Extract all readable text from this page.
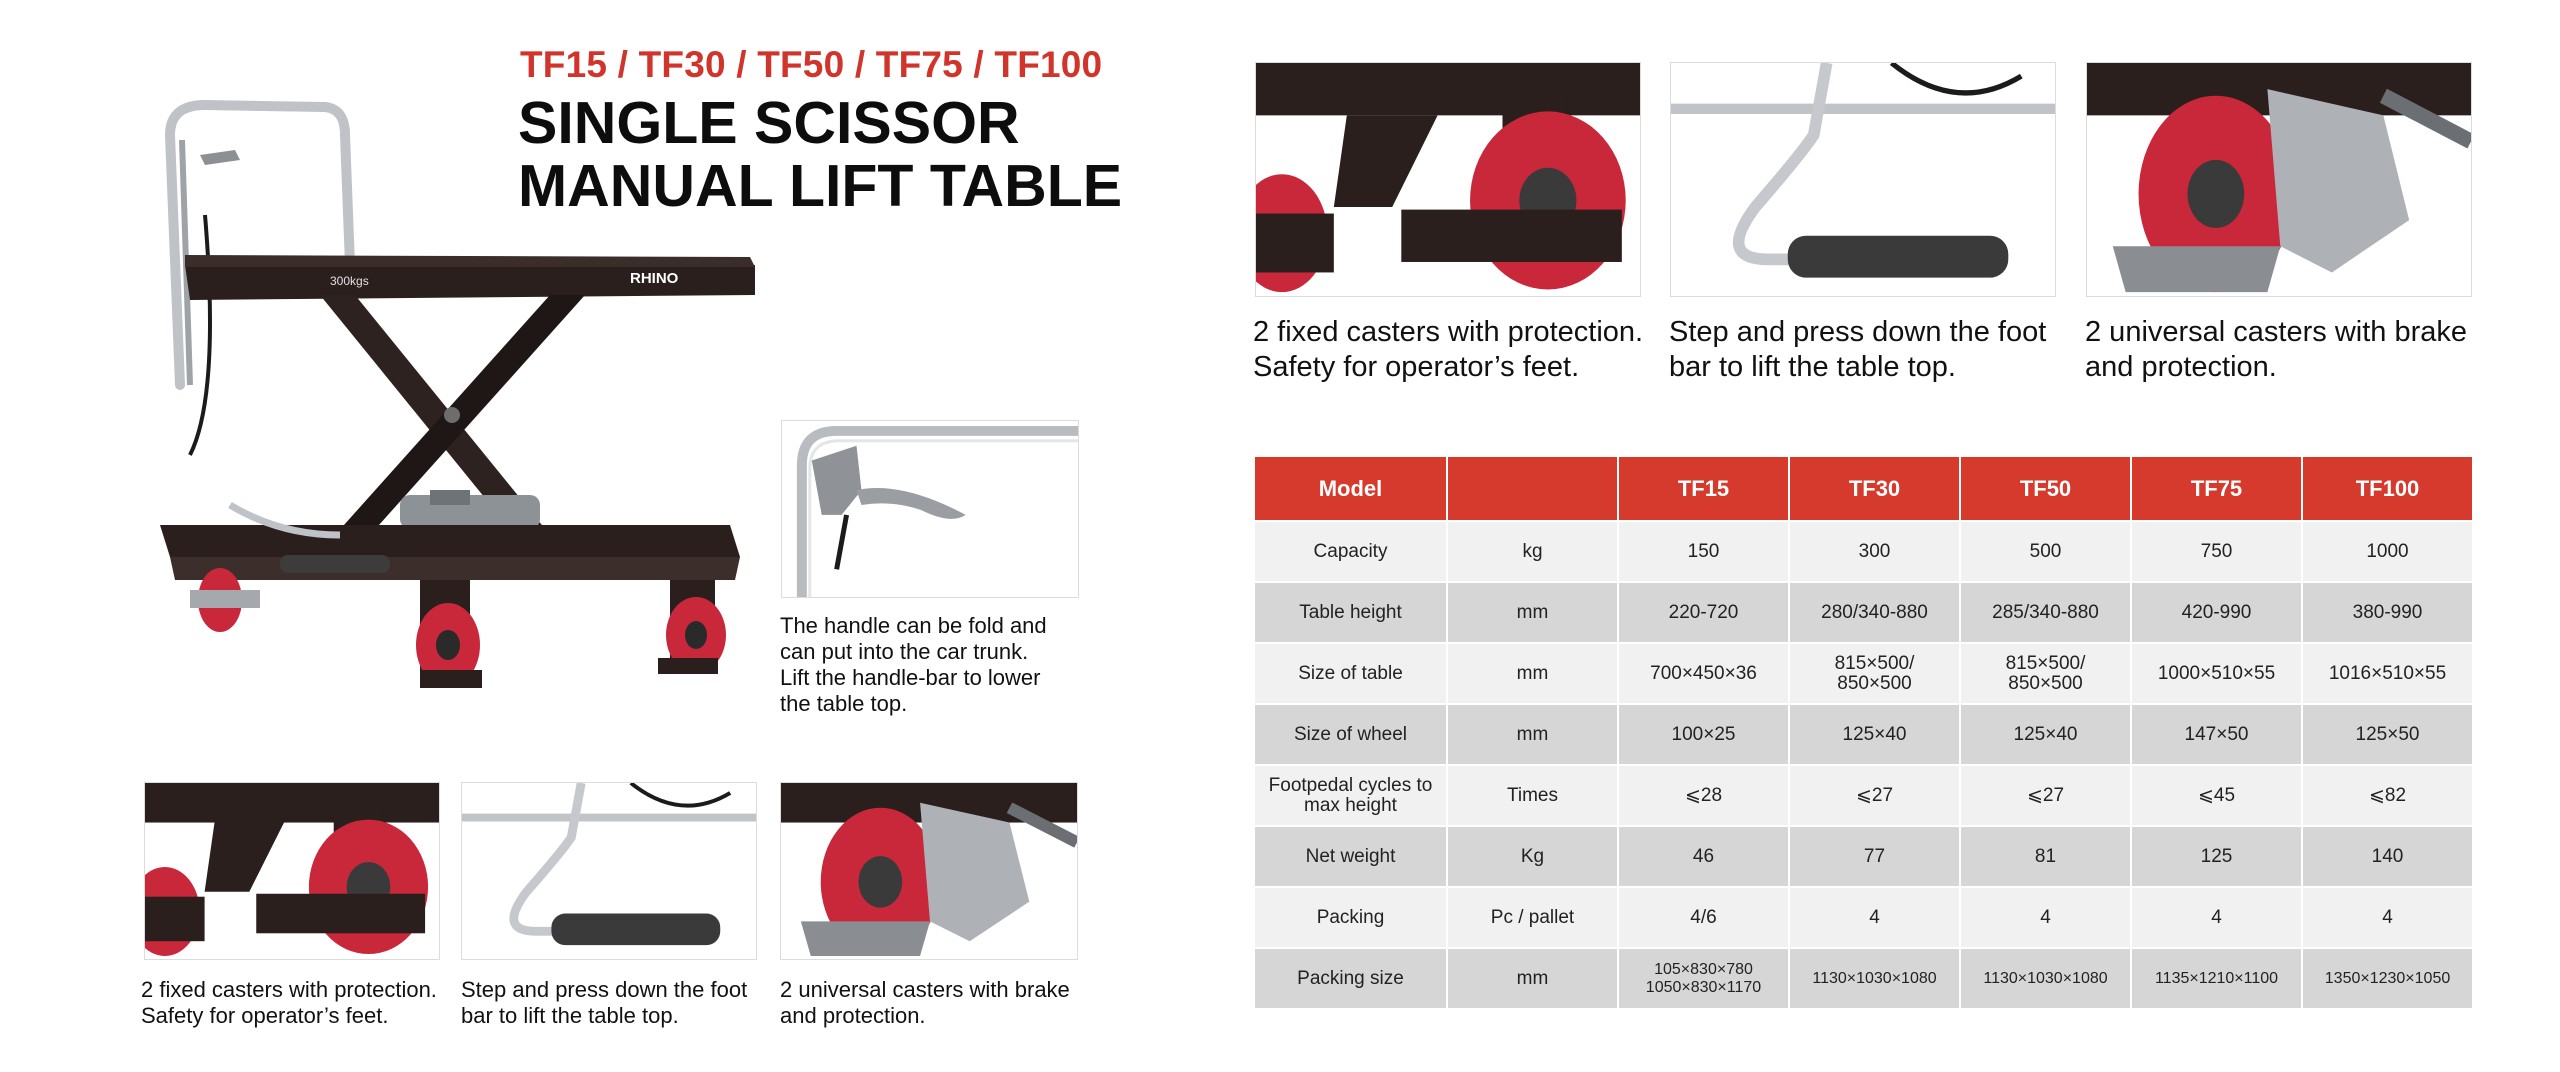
TF15 / TF30 / TF50 / TF75 / TF100
SINGLE SCISSOR
MANUAL LIFT TABLE
300kgs	RHINO
The handle can be fold and
can put into the car trunk.
Lift the handle-bar to lower
the table top.
2 fixed casters with protection.
Safety for operator’s feet.
Step and press down the foot
bar to lift the table top.
2 universal casters with brake
and protection.
2 fixed casters with protection.
Safety for operator’s feet.
Step and press down the foot
bar to lift the table top.
2 universal casters with brake
and protection.
Model		TF15	TF30	TF50	TF75	TF100
Capacity	kg	150	300	500	750	1000
Table height	mm	220-720	280/340-880	285/340-880	420-990	380-990
Size of table	mm	700×450×36	815×500/
850×500	815×500/
850×500	1000×510×55	1016×510×55
Size of wheel	mm	100×25	125×40	125×40	147×50	125×50
Footpedal cycles to
max height	Times	⩽28	⩽27	⩽27	⩽45	⩽82
Net weight	Kg	46	77	81	125	140
Packing	Pc / pallet	4/6	4	4	4	4
Packing size	mm	105×830×780
1050×830×1170	1130×1030×1080	1130×1030×1080	1135×1210×1100	1350×1230×1050
